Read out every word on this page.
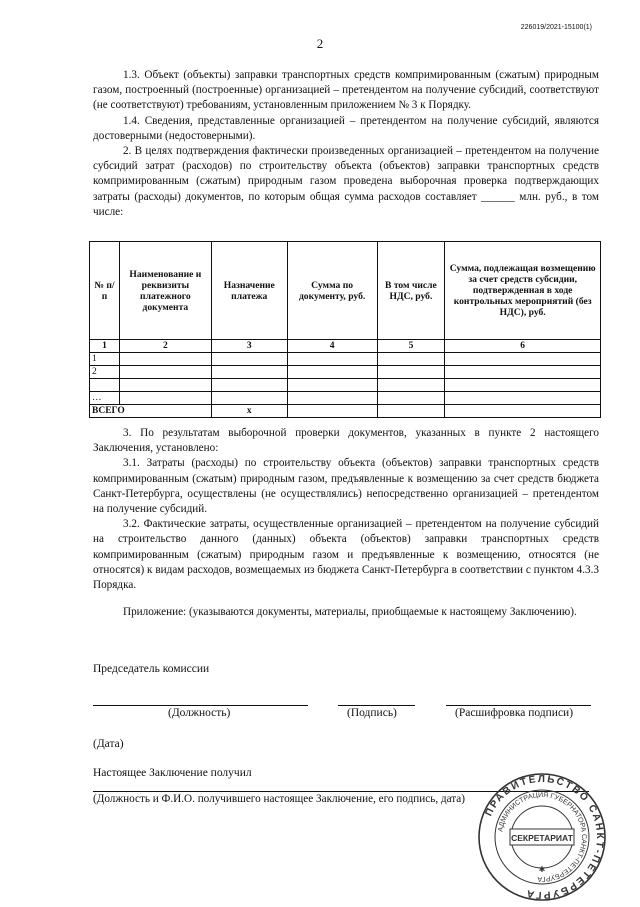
226019/2021-15100(1)
2

1.3. Объект (объекты) заправки транспортных средств компримированным (сжатым) природным газом, построенный (построенные) организацией – претендентом на получение субсидий, соответствуют (не соответствуют) требованиям, установленным приложением № 3 к Порядку.

1.4. Сведения, представленные организацией – претендентом на получение субсидий, являются достоверными (недостоверными).

2. В целях подтверждения фактически произведенных организацией – претендентом на получение субсидий затрат (расходов) по строительству объекта (объектов) заправки транспортных средств компримированным (сжатым) природным газом проведена выборочная проверка подтверждающих затраты (расходы) документов, по которым общая сумма расходов составляет ______ млн. руб., в том числе:

№ п/п	Наименование и реквизиты платежного документа	Назначение платежа	Сумма по документу, руб.	В том числе НДС, руб.	Сумма, подлежащая возмещению за счет средств субсидии, подтвержденная в ходе контрольных мероприятий (без НДС), руб.
1	2	3	4	5	6
1					
2					

…					
ВСЕГО		x			

3. По результатам выборочной проверки документов, указанных в пункте 2 настоящего Заключения, установлено:

3.1. Затраты (расходы) по строительству объекта (объектов) заправки транспортных средств компримированным (сжатым) природным газом, предъявленные к возмещению за счет средств бюджета Санкт-Петербурга, осуществлены (не осуществлялись) непосредственно организацией – претендентом на получение субсидий.

3.2. Фактические затраты, осуществленные организацией – претендентом на получение субсидий на строительство данного (данных) объекта (объектов) заправки транспортных средств компримированным (сжатым) природным газом и предъявленные к возмещению, относятся (не относятся) к видам расходов, возмещаемых из бюджета Санкт-Петербурга в соответствии с пунктом 4.3.3 Порядка.

Приложение: (указываются документы, материалы, приобщаемые к настоящему Заключению).

Председатель комиссии
(Должность)	(Подпись)	(Расшифровка подписи)
(Дата)
Настоящее Заключение получил
(Должность и Ф.И.О. получившего настоящее Заключение, его подпись, дата)
ПРАВИТЕЛЬСТВО САНКТ-ПЕТЕРБУРГА
АДМИНИСТРАЦИЯ ГУБЕРНАТОРА САНКТ-ПЕТЕРБУРГА
СЕКРЕТАРИАТ
✱
